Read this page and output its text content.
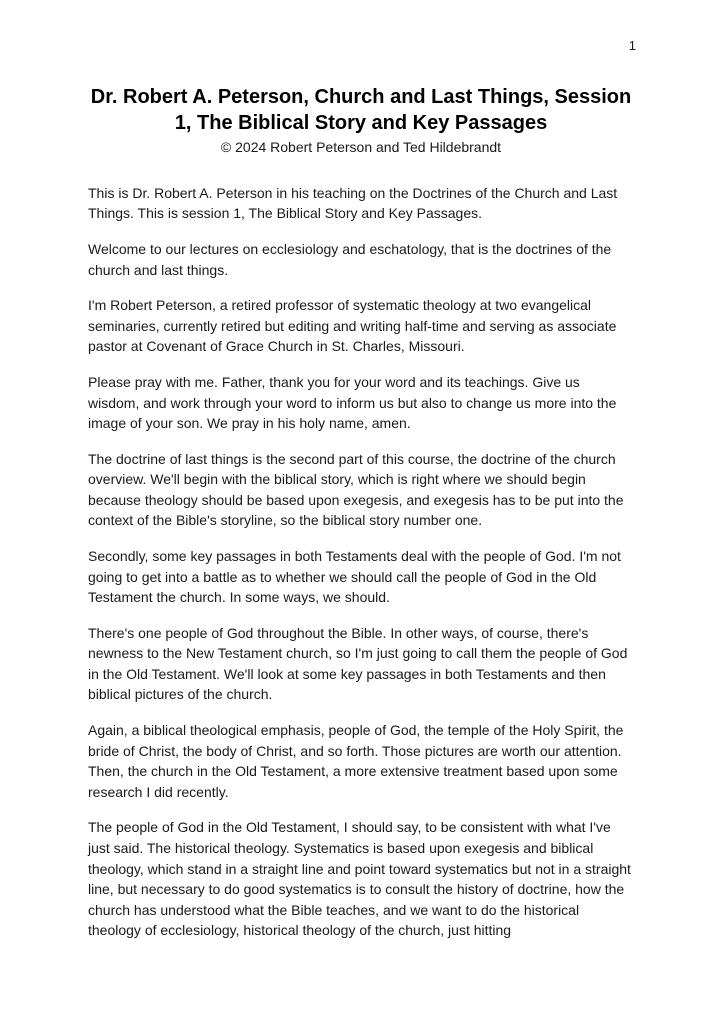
1
Dr. Robert A. Peterson, Church and Last Things, Session 1, The Biblical Story and Key Passages
© 2024 Robert Peterson and Ted Hildebrandt

This is Dr. Robert A. Peterson in his teaching on the Doctrines of the Church and Last Things. This is session 1, The Biblical Story and Key Passages.

Welcome to our lectures on ecclesiology and eschatology, that is the doctrines of the church and last things.

I'm Robert Peterson, a retired professor of systematic theology at two evangelical seminaries, currently retired but editing and writing half-time and serving as associate pastor at Covenant of Grace Church in St. Charles, Missouri.

Please pray with me. Father, thank you for your word and its teachings. Give us wisdom, and work through your word to inform us but also to change us more into the image of your son. We pray in his holy name, amen.

The doctrine of last things is the second part of this course, the doctrine of the church overview. We'll begin with the biblical story, which is right where we should begin because theology should be based upon exegesis, and exegesis has to be put into the context of the Bible's storyline, so the biblical story number one.

Secondly, some key passages in both Testaments deal with the people of God. I'm not going to get into a battle as to whether we should call the people of God in the Old Testament the church. In some ways, we should.

There's one people of God throughout the Bible. In other ways, of course, there's newness to the New Testament church, so I'm just going to call them the people of God in the Old Testament. We'll look at some key passages in both Testaments and then biblical pictures of the church.

Again, a biblical theological emphasis, people of God, the temple of the Holy Spirit, the bride of Christ, the body of Christ, and so forth. Those pictures are worth our attention. Then, the church in the Old Testament, a more extensive treatment based upon some research I did recently.

The people of God in the Old Testament, I should say, to be consistent with what I've just said. The historical theology. Systematics is based upon exegesis and biblical theology, which stand in a straight line and point toward systematics but not in a straight line, but necessary to do good systematics is to consult the history of doctrine, how the church has understood what the Bible teaches, and we want to do the historical theology of ecclesiology, historical theology of the church, just hitting
